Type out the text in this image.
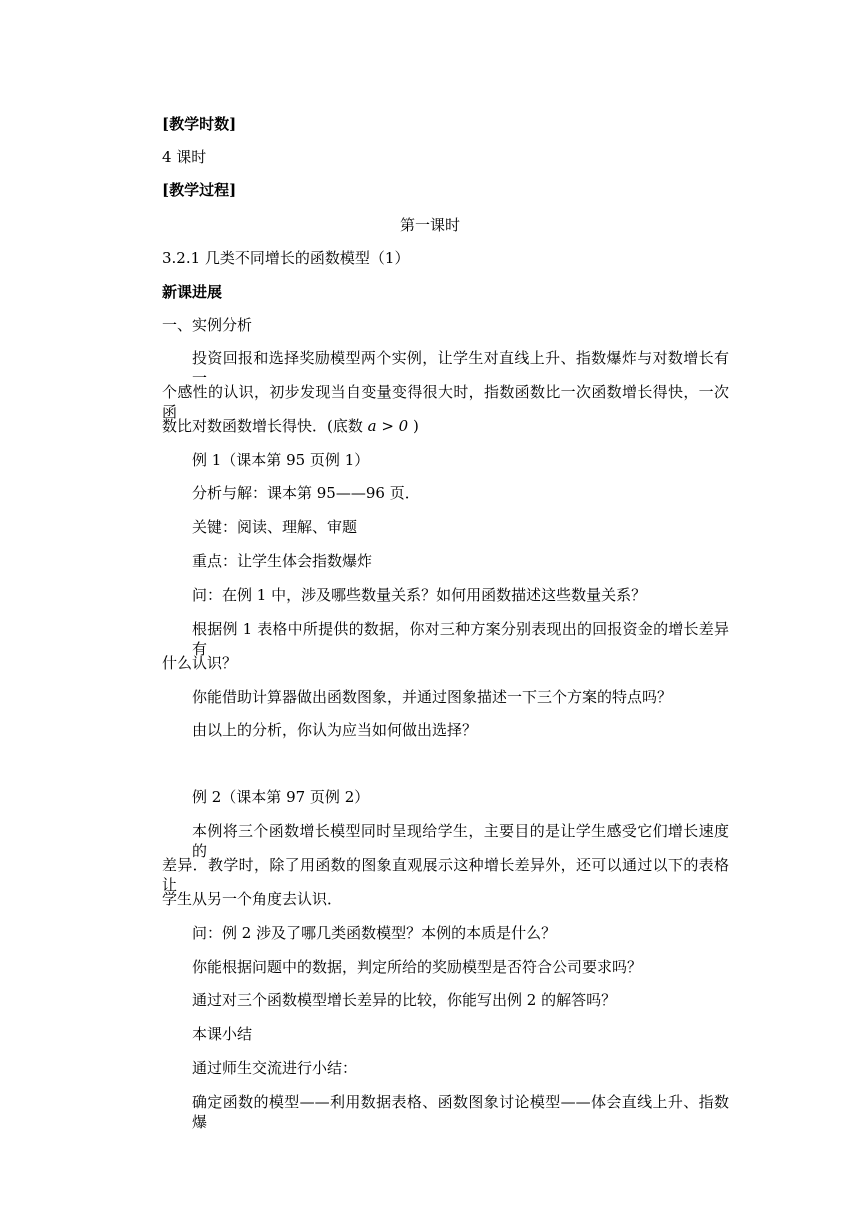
[教学时数]
4 课时
[教学过程]
第一课时
3.2.1 几类不同增长的函数模型（1）
新课进展
一、实例分析
投资回报和选择奖励模型两个实例，让学生对直线上升、指数爆炸与对数增长有一
个感性的认识，初步发现当自变量变得很大时，指数函数比一次函数增长得快，一次函
数比对数函数增长得快．(底数 a > 0 )
例 1（课本第 95 页例 1）
分析与解：课本第 95——96 页．
关键：阅读、理解、审题
重点：让学生体会指数爆炸
问：在例 1 中，涉及哪些数量关系？如何用函数描述这些数量关系？
根据例 1 表格中所提供的数据，你对三种方案分别表现出的回报资金的增长差异有
什么认识？
你能借助计算器做出函数图象，并通过图象描述一下三个方案的特点吗？
由以上的分析，你认为应当如何做出选择？
例 2（课本第 97 页例 2）
本例将三个函数增长模型同时呈现给学生，主要目的是让学生感受它们增长速度的
差异．教学时，除了用函数的图象直观展示这种增长差异外，还可以通过以下的表格让
学生从另一个角度去认识．
问：例 2 涉及了哪几类函数模型？本例的本质是什么？
你能根据问题中的数据，判定所给的奖励模型是否符合公司要求吗？
通过对三个函数模型增长差异的比较，你能写出例 2 的解答吗？
本课小结
通过师生交流进行小结：
确定函数的模型——利用数据表格、函数图象讨论模型——体会直线上升、指数爆
